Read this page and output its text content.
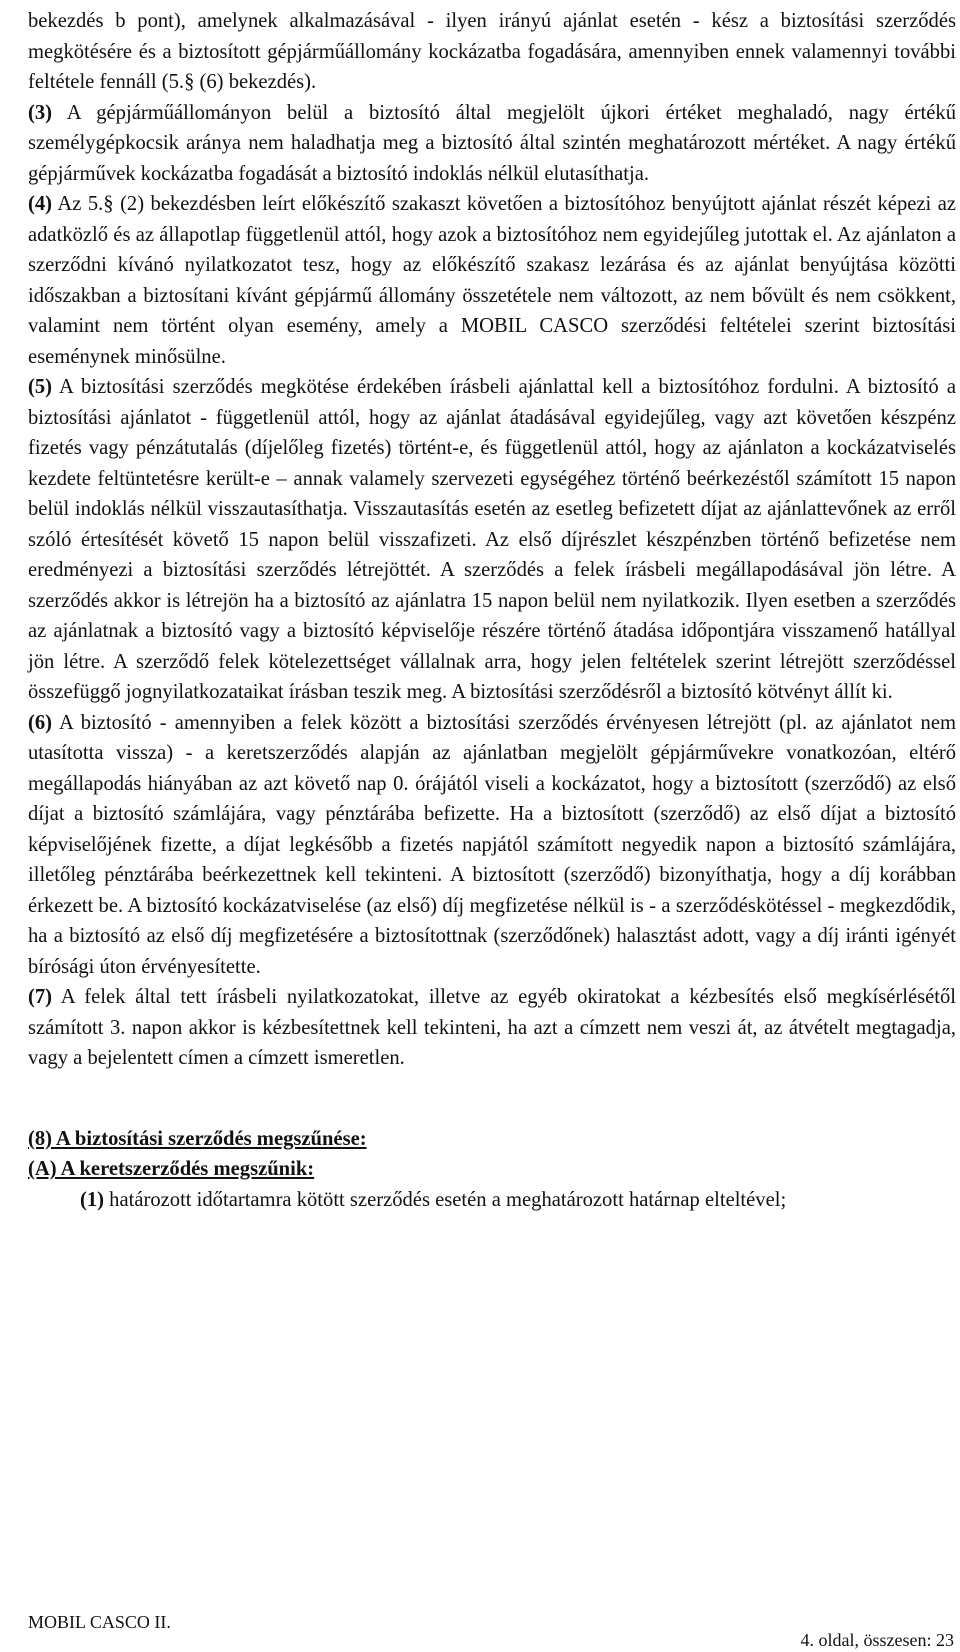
bekezdés b pont), amelynek alkalmazásával - ilyen irányú ajánlat esetén - kész a biztosítási szerződés megkötésére és a biztosított gépjárműállomány kockázatba fogadására, amennyiben ennek valamennyi további feltétele fennáll (5.§ (6) bekezdés).

(3) A gépjárműállományon belül a biztosító által megjelölt újkori értéket meghaladó, nagy értékű személygépkocsik aránya nem haladhatja meg a biztosító által szintén meghatározott mértéket. A nagy értékű gépjárművek kockázatba fogadását a biztosító indoklás nélkül elutasíthatja.

(4) Az 5.§ (2) bekezdésben leírt előkészítő szakaszt követően a biztosítóhoz benyújtott ajánlat részét képezi az adatközlő és az állapotlap függetlenül attól, hogy azok a biztosítóhoz nem egyidejűleg jutottak el. Az ajánlaton a szerződni kívánó nyilatkozatot tesz, hogy az előkészítő szakasz lezárása és az ajánlat benyújtása közötti időszakban a biztosítani kívánt gépjármű állomány összetétele nem változott, az nem bővült és nem csökkent, valamint nem történt olyan esemény, amely a MOBIL CASCO szerződési feltételei szerint biztosítási eseménynek minősülne.

(5) A biztosítási szerződés megkötése érdekében írásbeli ajánlattal kell a biztosítóhoz fordulni. A biztosító a biztosítási ajánlatot - függetlenül attól, hogy az ajánlat átadásával egyidejűleg, vagy azt követően készpénz fizetés vagy pénzátutalás (díjelőleg fizetés) történt-e, és függetlenül attól, hogy az ajánlaton a kockázatviselés kezdete feltüntetésre került-e – annak valamely szervezeti egységéhez történő beérkezéstől számított 15 napon belül indoklás nélkül visszautasíthatja. Visszautasítás esetén az esetleg befizetett díjat az ajánlattevőnek az erről szóló értesítését követő 15 napon belül visszafizeti. Az első díjrészlet készpénzben történő befizetése nem eredményezi a biztosítási szerződés létrejöttét. A szerződés a felek írásbeli megállapodásával jön létre. A szerződés akkor is létrejön ha a biztosító az ajánlatra 15 napon belül nem nyilatkozik. Ilyen esetben a szerződés az ajánlatnak a biztosító vagy a biztosító képviselője részére történő átadása időpontjára visszamenő hatállyal jön létre. A szerződő felek kötelezettséget vállalnak arra, hogy jelen feltételek szerint létrejött szerződéssel összefüggő jognyilatkozataikat írásban teszik meg. A biztosítási szerződésről a biztosító kötvényt állít ki.

(6) A biztosító - amennyiben a felek között a biztosítási szerződés érvényesen létrejött (pl. az ajánlatot nem utasította vissza) - a keretszerződés alapján az ajánlatban megjelölt gépjárművekre vonatkozóan, eltérő megállapodás hiányában az azt követő nap 0. órájától viseli a kockázatot, hogy a biztosított (szerződő) az első díjat a biztosító számlájára, vagy pénztárába befizette. Ha a biztosított (szerződő) az első díjat a biztosító képviselőjének fizette, a díjat legkésőbb a fizetés napjától számított negyedik napon a biztosító számlájára, illetőleg pénztárába beérkezettnek kell tekinteni. A biztosított (szerződő) bizonyíthatja, hogy a díj korábban érkezett be. A biztosító kockázatviselése (az első) díj megfizetése nélkül is - a szerződéskötéssel - megkezdődik, ha a biztosító az első díj megfizetésére a biztosítottnak (szerződőnek) halasztást adott, vagy a díj iránti igényét bírósági úton érvényesítette.

(7) A felek által tett írásbeli nyilatkozatokat, illetve az egyéb okiratokat a kézbesítés első megkísérlésétől számított 3. napon akkor is kézbesítettnek kell tekinteni, ha azt a címzett nem veszi át, az átvételt megtagadja, vagy a bejelentett címen a címzett ismeretlen.

(8) A biztosítási szerződés megszűnése:

(A) A keretszerződés megszűnik:

(1) határozott időtartamra kötött szerződés esetén a meghatározott határnap elteltével;

MOBIL CASCO II.
4. oldal, összesen: 23
